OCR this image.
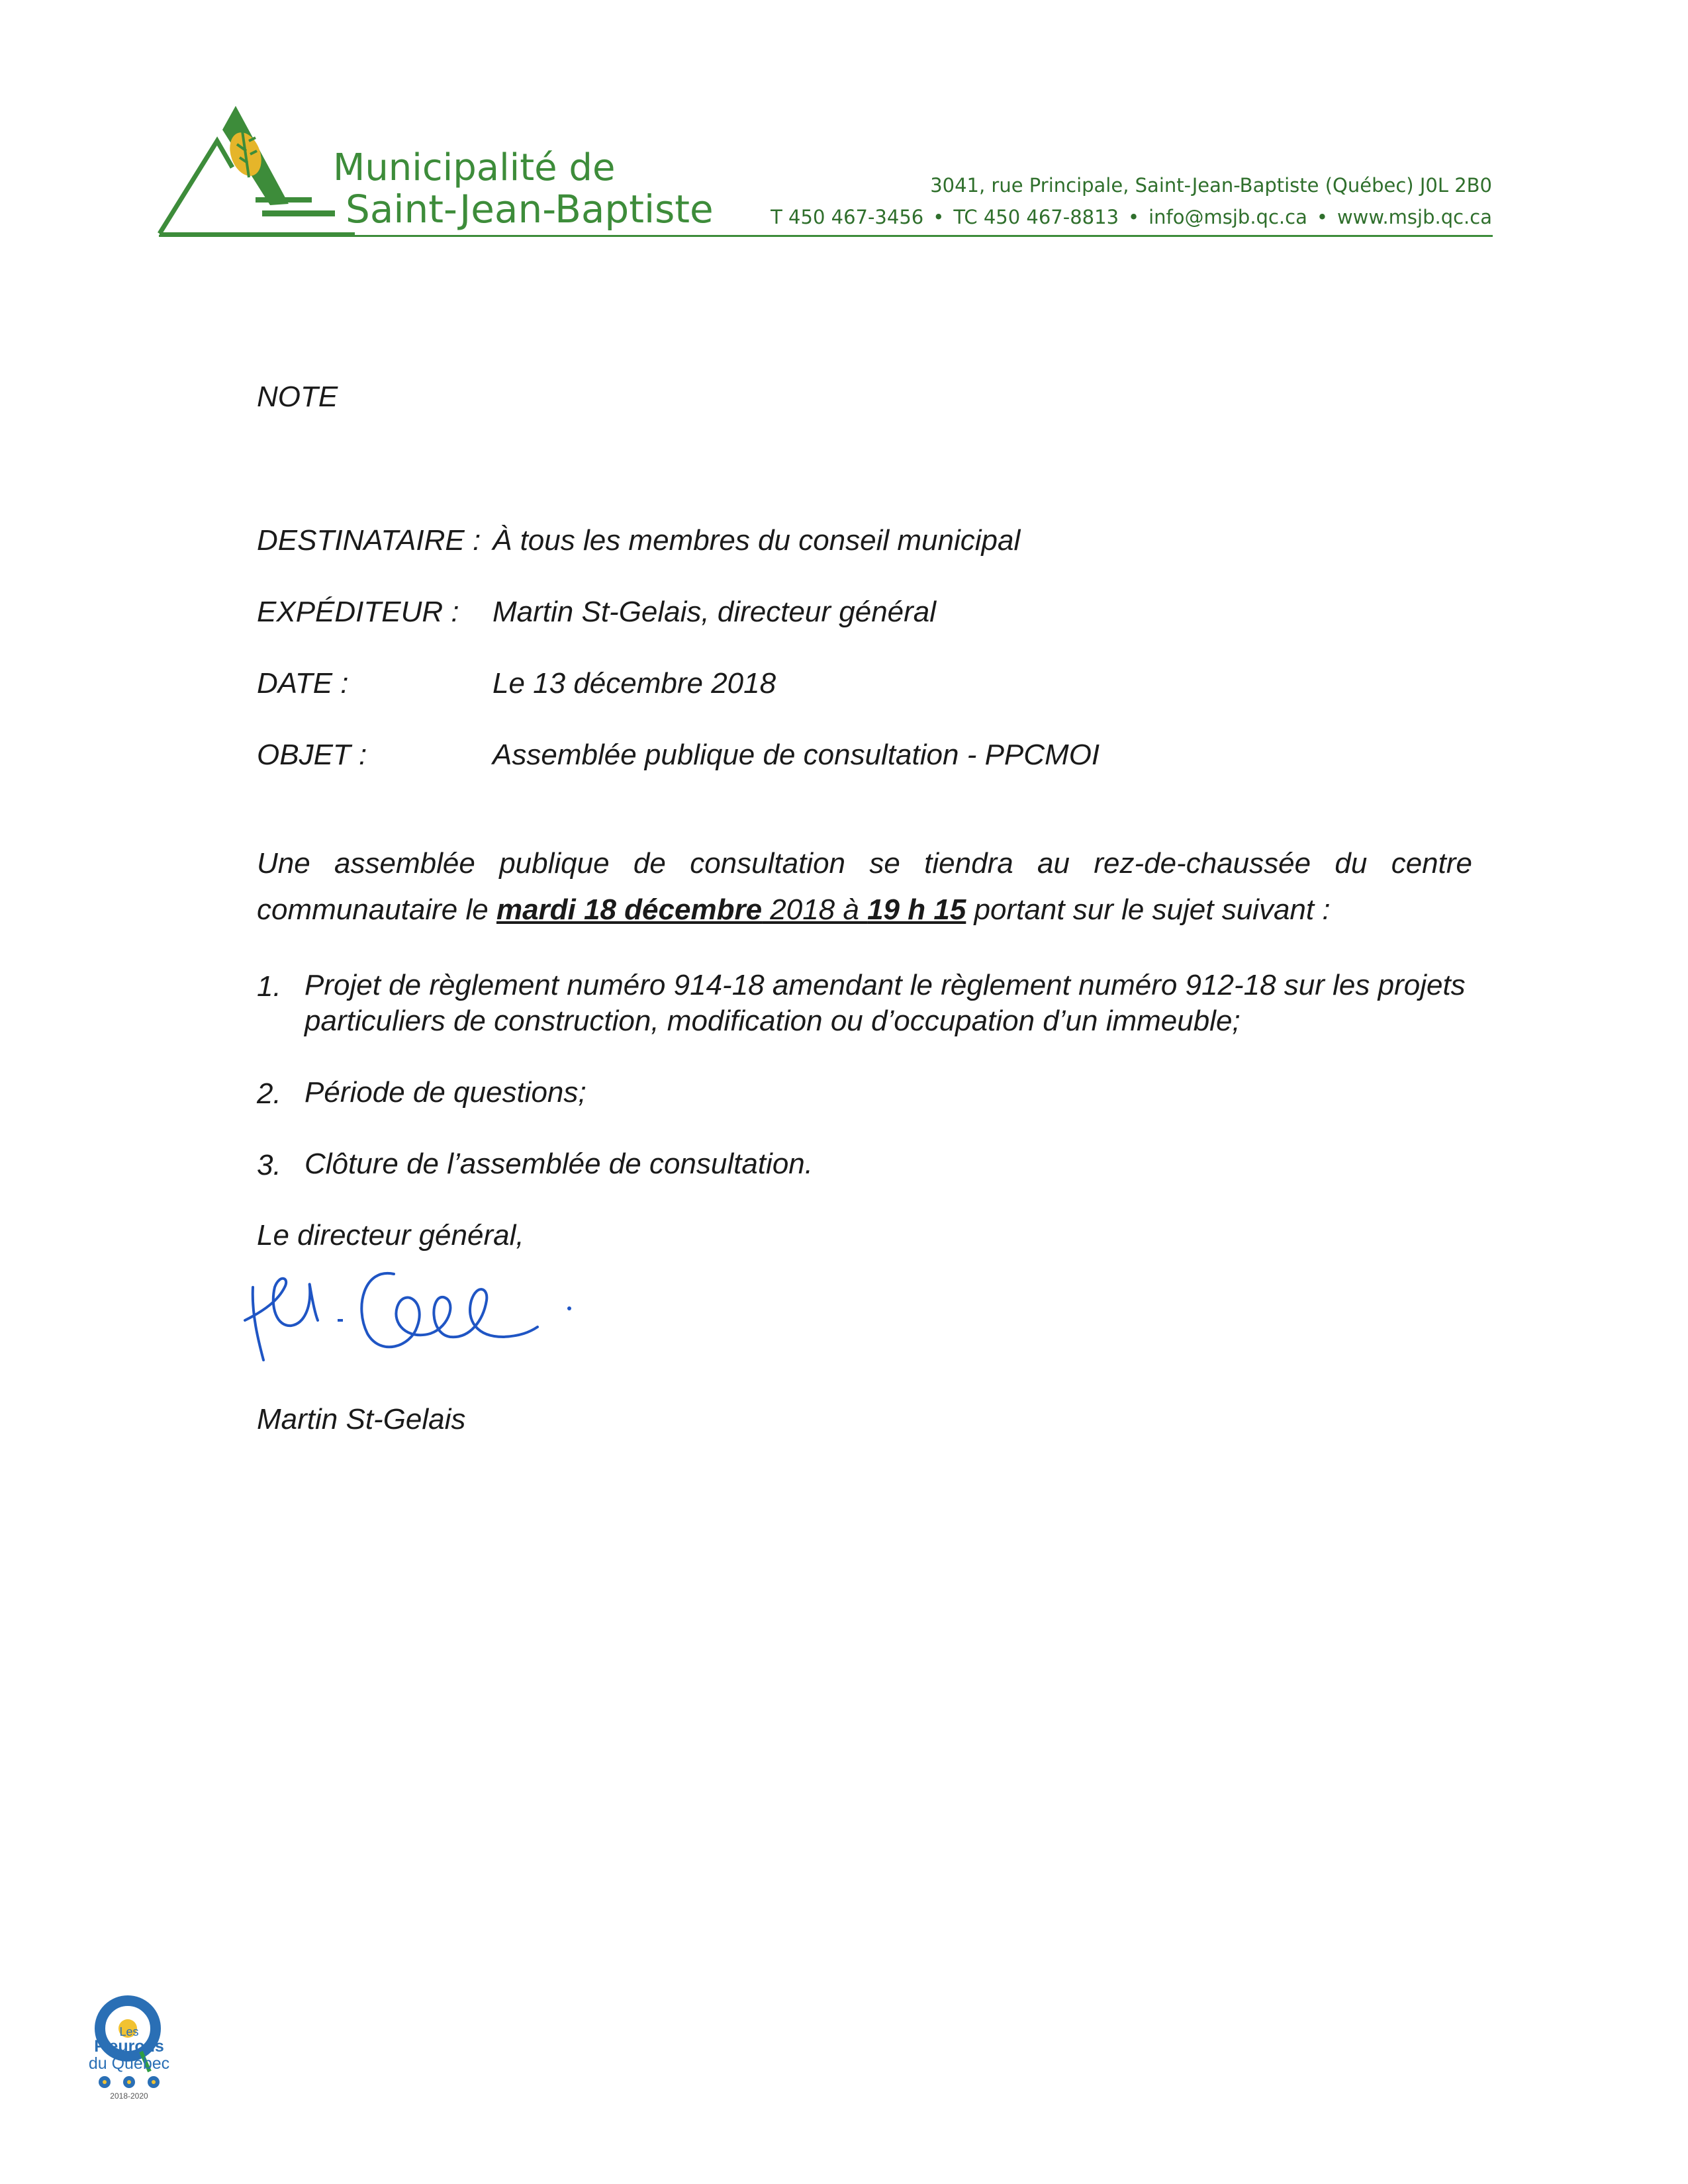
Municipalité de
Saint-Jean-Baptiste
3041, rue Principale, Saint-Jean-Baptiste (Québec) J0L 2B0
T 450 467-3456 • TC 450 467-8813 • info@msjb.qc.ca • www.msjb.qc.ca
NOTE
DESTINATAIRE : À tous les membres du conseil municipal
EXPÉDITEUR : Martin St-Gelais, directeur général
DATE :	Le 13 décembre 2018
OBJET :	Assemblée publique de consultation - PPCMOI
Une assemblée publique de consultation se tiendra au rez-de-chaussée du centre communautaire le mardi 18 décembre 2018 à 19 h 15 portant sur le sujet suivant :
1. Projet de règlement numéro 914-18 amendant le règlement numéro 912-18 sur les projets particuliers de construction, modification ou d’occupation d’un immeuble;
2. Période de questions;
3. Clôture de l’assemblée de consultation.
Le directeur général,
Martin St-Gelais
Les
Fleurons
du Québec
2018-2020
